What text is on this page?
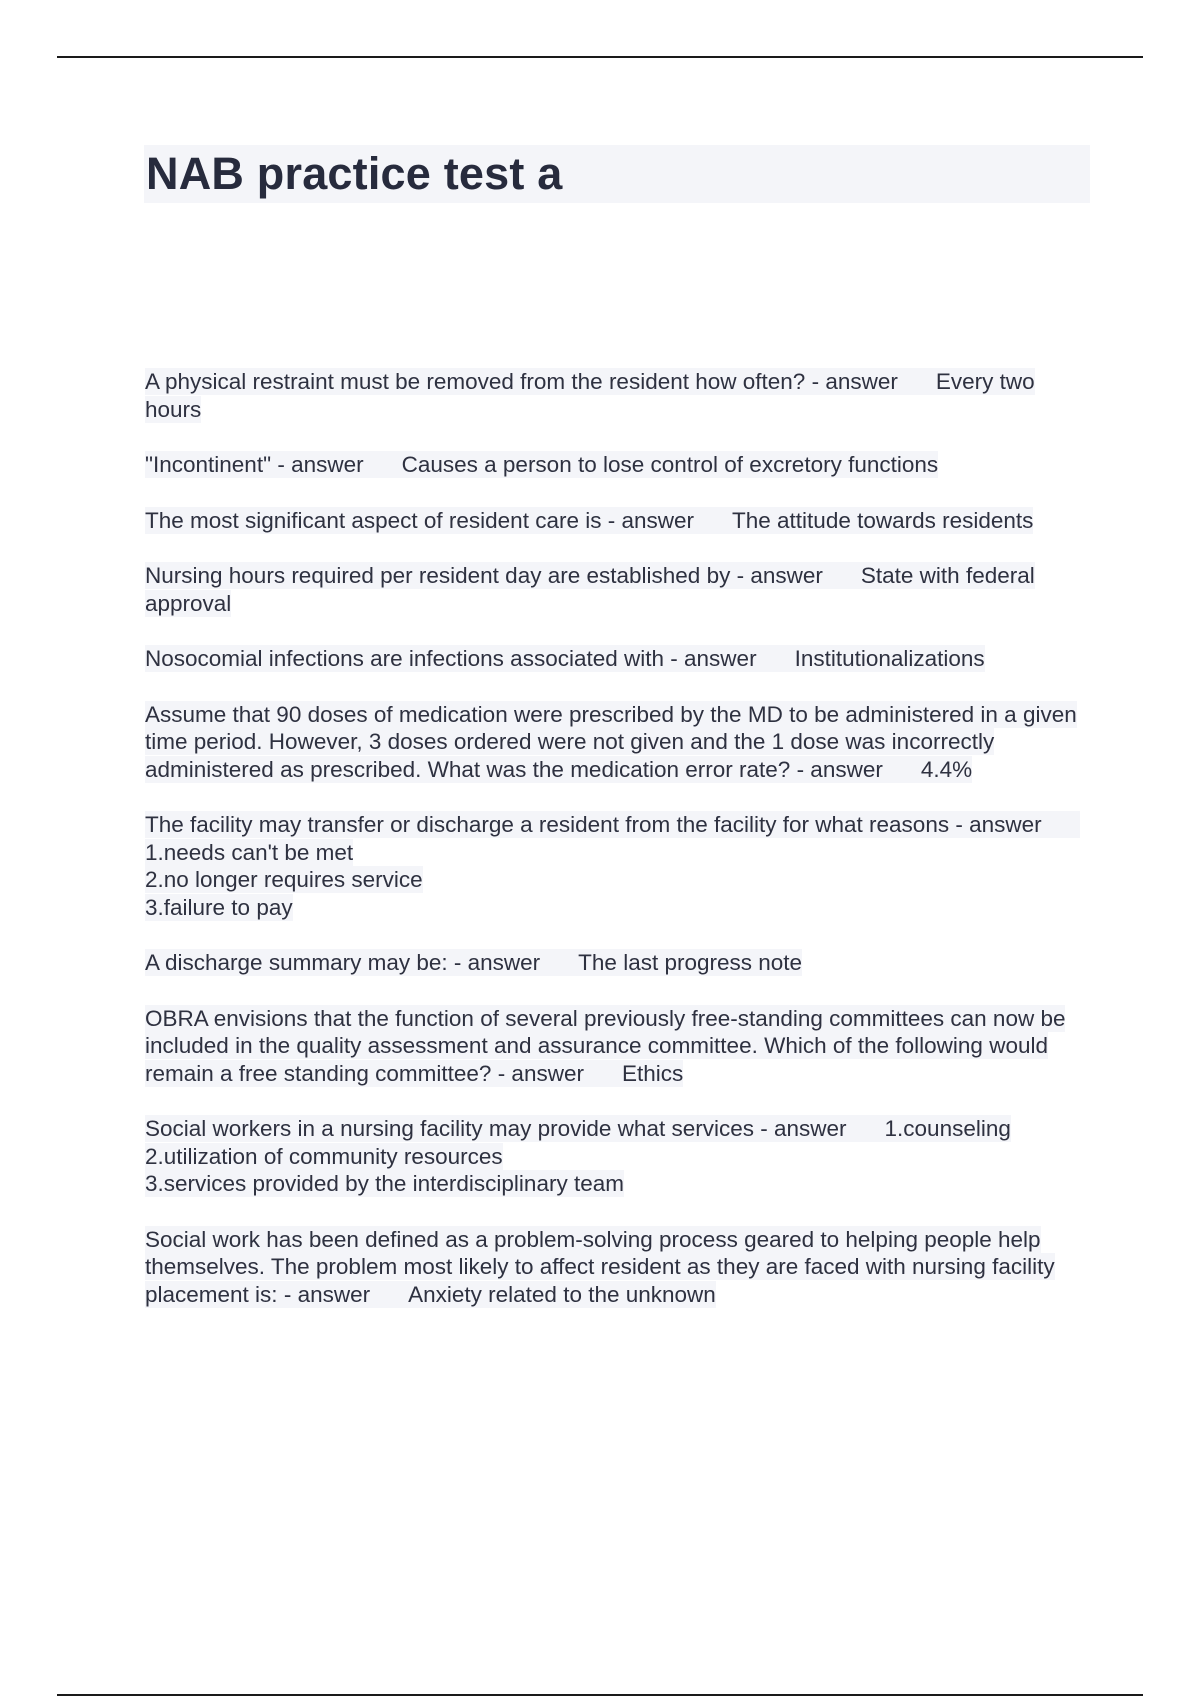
NAB practice test a
A physical restraint must be removed from the resident how often? - answer Every two hours
"Incontinent" - answer Causes a person to lose control of excretory functions
The most significant aspect of resident care is - answer The attitude towards residents
Nursing hours required per resident day are established by - answer State with federal approval
Nosocomial infections are infections associated with - answer Institutionalizations
Assume that 90 doses of medication were prescribed by the MD to be administered in a given time period. However, 3 doses ordered were not given and the 1 dose was incorrectly administered as prescribed. What was the medication error rate? - answer 4.4%
The facility may transfer or discharge a resident from the facility for what reasons - answer1.needs can't be met
2.no longer requires service
3.failure to pay
A discharge summary may be: - answer The last progress note
OBRA envisions that the function of several previously free-standing committees can now be included in the quality assessment and assurance committee. Which of the following would remain a free standing committee? - answer Ethics
Social workers in a nursing facility may provide what services - answer 1.counseling
2.utilization of community resources
3.services provided by the interdisciplinary team
Social work has been defined as a problem-solving process geared to helping people help themselves. The problem most likely to affect resident as they are faced with nursing facility placement is: - answer Anxiety related to the unknown
